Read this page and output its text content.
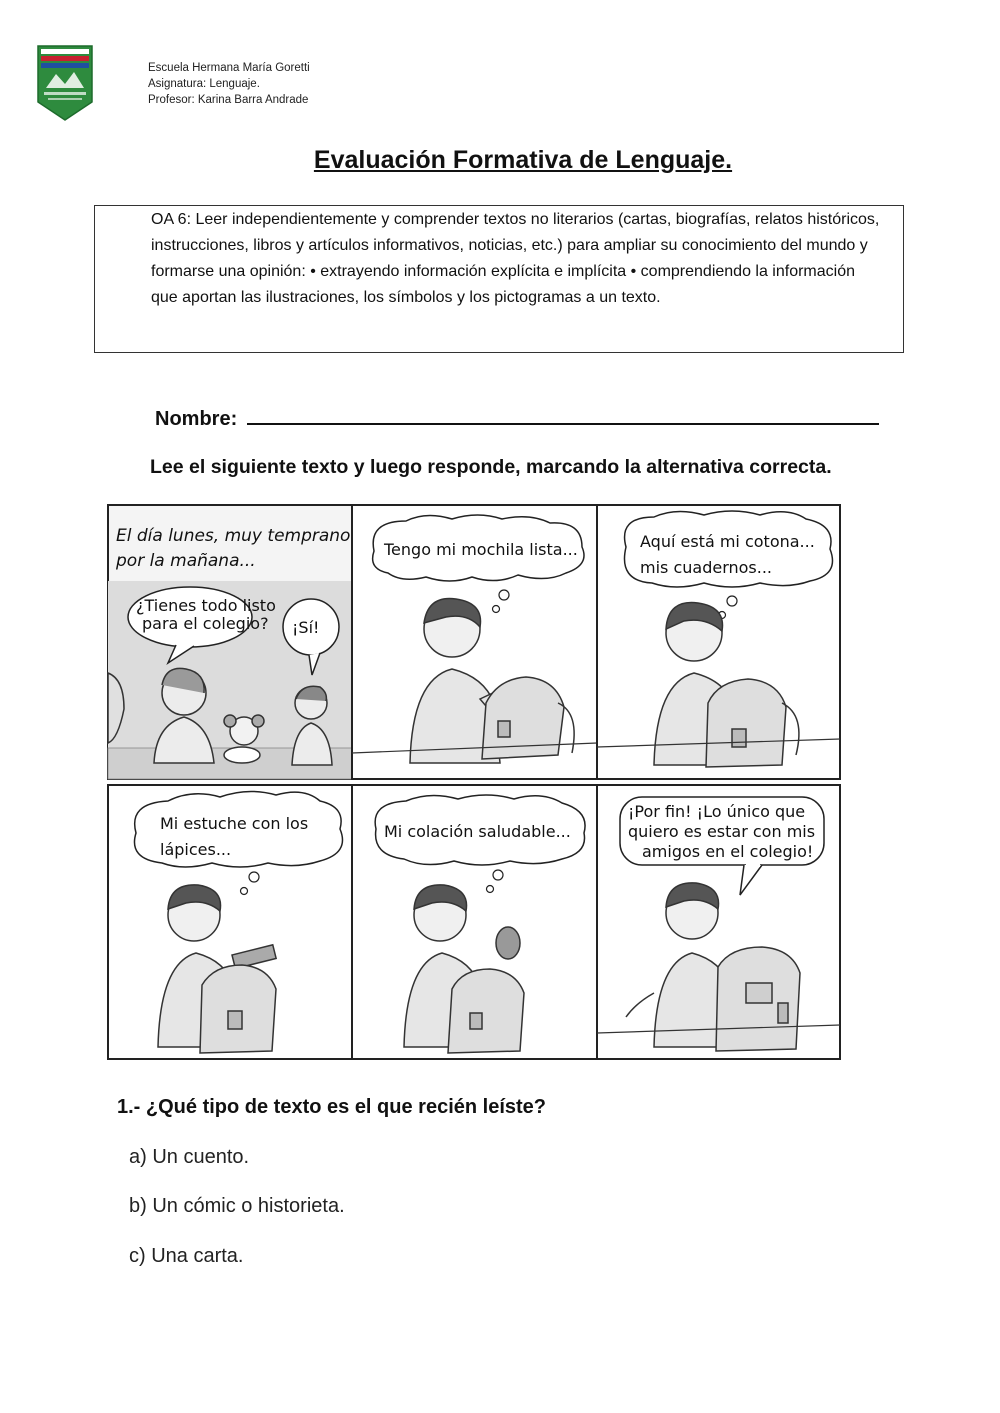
Escuela Hermana María Goretti
Asignatura: Lenguaje.
Profesor: Karina Barra Andrade
Evaluación Formativa de Lenguaje.

OA 6: Leer independientemente y comprender textos no literarios (cartas, biografías, relatos históricos, instrucciones, libros y artículos informativos, noticias, etc.) para ampliar su conocimiento del mundo y formarse una opinión: • extrayendo información explícita e implícita • comprendiendo la información que aportan las ilustraciones, los símbolos y los pictogramas a un texto.

Nombre:
Lee el siguiente texto y luego responde, marcando la alternativa correcta.
El día lunes, muy temprano
por la mañana...
¿Tienes todo listo
para el colegio? ¡Sí!
Tengo mi mochila lista...	Aquí está mi cotona...
mis cuadernos...
Mi estuche con los
lápices...
Mi colación saludable...
¡Por fin! ¡Lo único que
quiero es estar con mis
amigos en el colegio!
1.- ¿Qué tipo de texto es el que recién leíste?
a) Un cuento.
b) Un cómic o historieta.
c) Una carta.
